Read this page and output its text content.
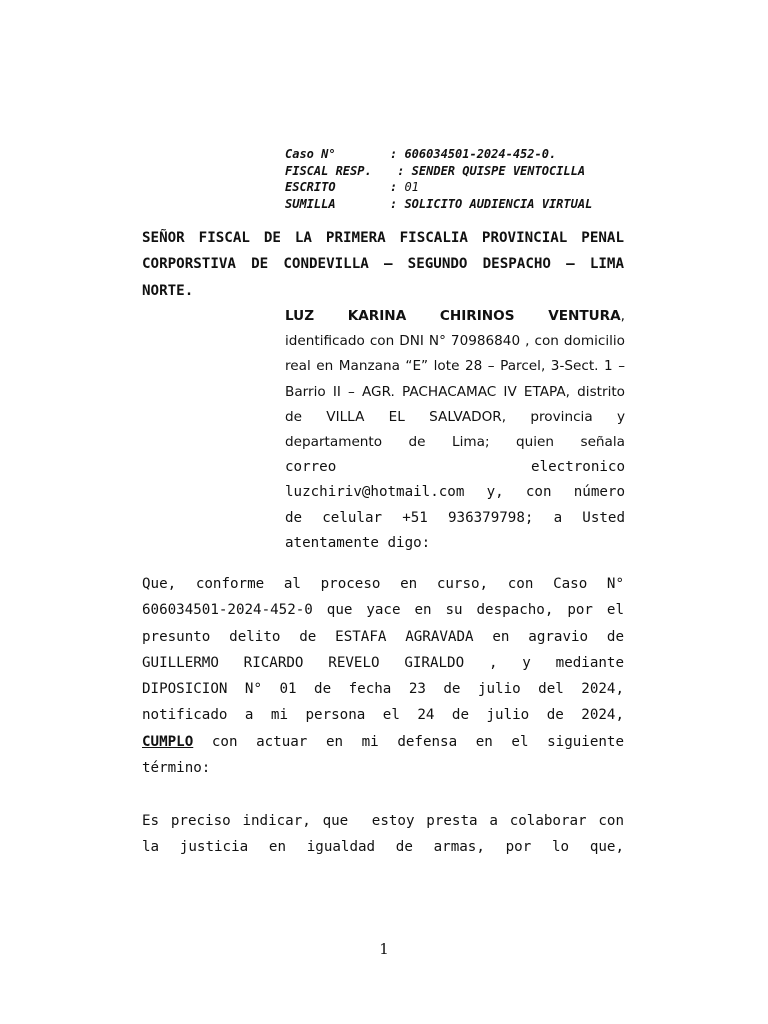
Caso N°	: 606034501-2024-452-0.
FISCAL RESP.	: SENDER QUISPE VENTOCILLA
ESCRITO	: 01
SUMILLA	: SOLICITO AUDIENCIA VIRTUAL
SEÑOR FISCAL DE LA PRIMERA FISCALIA PROVINCIAL PENAL
CORPORSTIVA DE CONDEVILLA – SEGUNDO DESPACHO – LIMA
NORTE.
LUZ KARINA CHIRINOS VENTURA,
identificado con DNI N° 70986840 , con domicilio
real en Manzana “E” lote 28 – Parcel, 3-Sect. 1 –
Barrio II – AGR. PACHACAMAC IV ETAPA, distrito
de VILLA EL SALVADOR, provincia y
departamento de Lima; quien señala
correo electronico
luzchiriv@hotmail.com y, con número
de celular +51 936379798; a Usted
atentamente digo:
Que, conforme al proceso en curso, con Caso N°
606034501-2024-452-0 que yace en su despacho, por el
presunto delito de ESTAFA AGRAVADA en agravio de
GUILLERMO RICARDO REVELO GIRALDO , y mediante
DIPOSICION N° 01 de fecha 23 de julio del 2024,
notificado a mi persona el 24 de julio de 2024,
CUMPLO con actuar en mi defensa en el siguiente
término:
Es preciso indicar, que  estoy presta a colaborar con
la justicia en igualdad de armas, por lo que,
1
